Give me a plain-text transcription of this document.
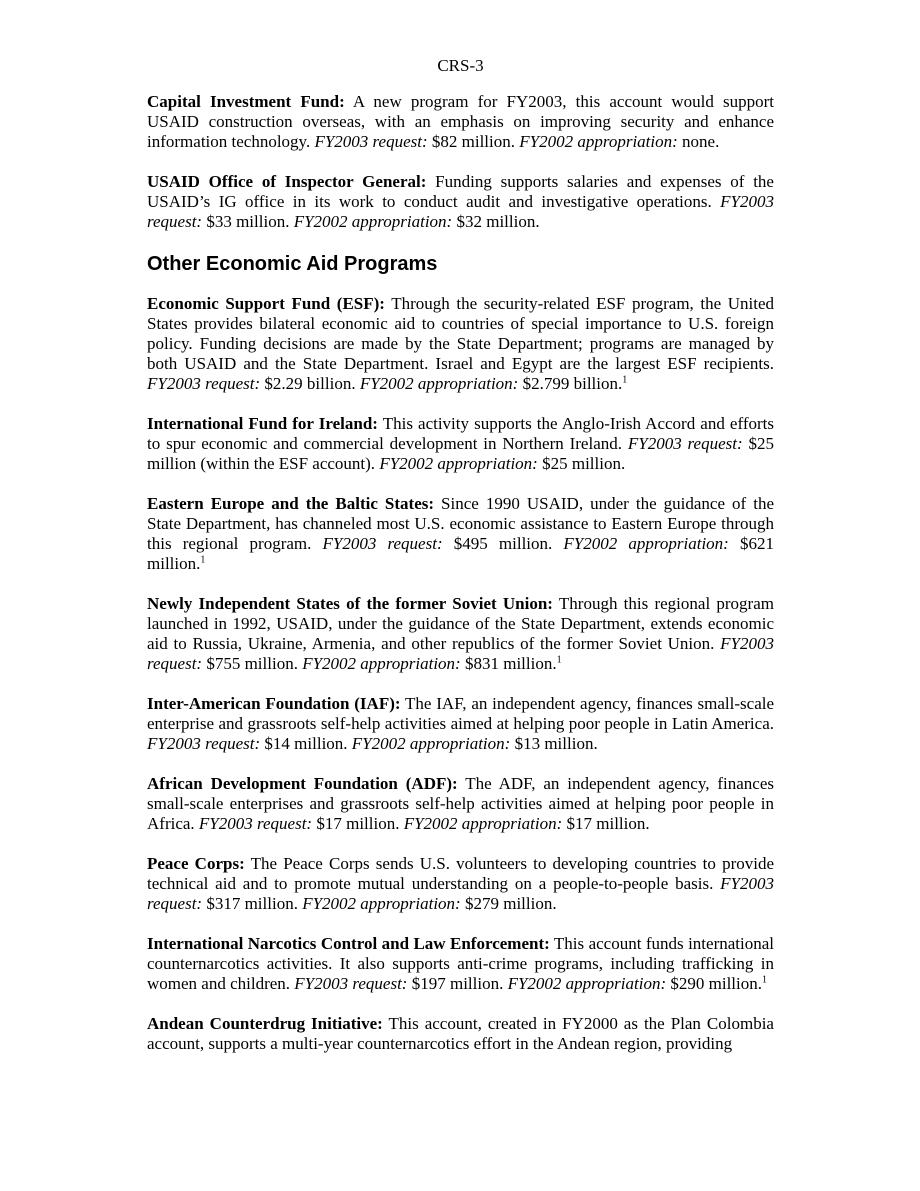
CRS-3

Capital Investment Fund: A new program for FY2003, this account would support USAID construction overseas, with an emphasis on improving security and enhance information technology. FY2003 request: $82 million. FY2002 appropriation: none.

USAID Office of Inspector General: Funding supports salaries and expenses of the USAID’s IG office in its work to conduct audit and investigative operations. FY2003 request: $33 million. FY2002 appropriation: $32 million.

Other Economic Aid Programs

Economic Support Fund (ESF): Through the security-related ESF program, the United States provides bilateral economic aid to countries of special importance to U.S. foreign policy. Funding decisions are made by the State Department; programs are managed by both USAID and the State Department. Israel and Egypt are the largest ESF recipients. FY2003 request: $2.29 billion. FY2002 appropriation: $2.799 billion.$^1$

International Fund for Ireland: This activity supports the Anglo-Irish Accord and efforts to spur economic and commercial development in Northern Ireland. FY2003 request: $25 million (within the ESF account). FY2002 appropriation: $25 million.

Eastern Europe and the Baltic States: Since 1990 USAID, under the guidance of the State Department, has channeled most U.S. economic assistance to Eastern Europe through this regional program. FY2003 request: $495 million. FY2002 appropriation: $621 million.$^1$

Newly Independent States of the former Soviet Union: Through this regional program launched in 1992, USAID, under the guidance of the State Department, extends economic aid to Russia, Ukraine, Armenia, and other republics of the former Soviet Union. FY2003 request: $755 million. FY2002 appropriation: $831 million.$^1$

Inter-American Foundation (IAF): The IAF, an independent agency, finances small-scale enterprise and grassroots self-help activities aimed at helping poor people in Latin America. FY2003 request: $14 million. FY2002 appropriation: $13 million.

African Development Foundation (ADF): The ADF, an independent agency, finances small-scale enterprises and grassroots self-help activities aimed at helping poor people in Africa. FY2003 request: $17 million. FY2002 appropriation: $17 million.

Peace Corps: The Peace Corps sends U.S. volunteers to developing countries to provide technical aid and to promote mutual understanding on a people-to-people basis. FY2003 request: $317 million. FY2002 appropriation: $279 million.

International Narcotics Control and Law Enforcement: This account funds international counternarcotics activities. It also supports anti-crime programs, including trafficking in women and children. FY2003 request: $197 million. FY2002 appropriation: $290 million.$^1$

Andean Counterdrug Initiative: This account, created in FY2000 as the Plan Colombia account, supports a multi-year counternarcotics effort in the Andean region, providing
